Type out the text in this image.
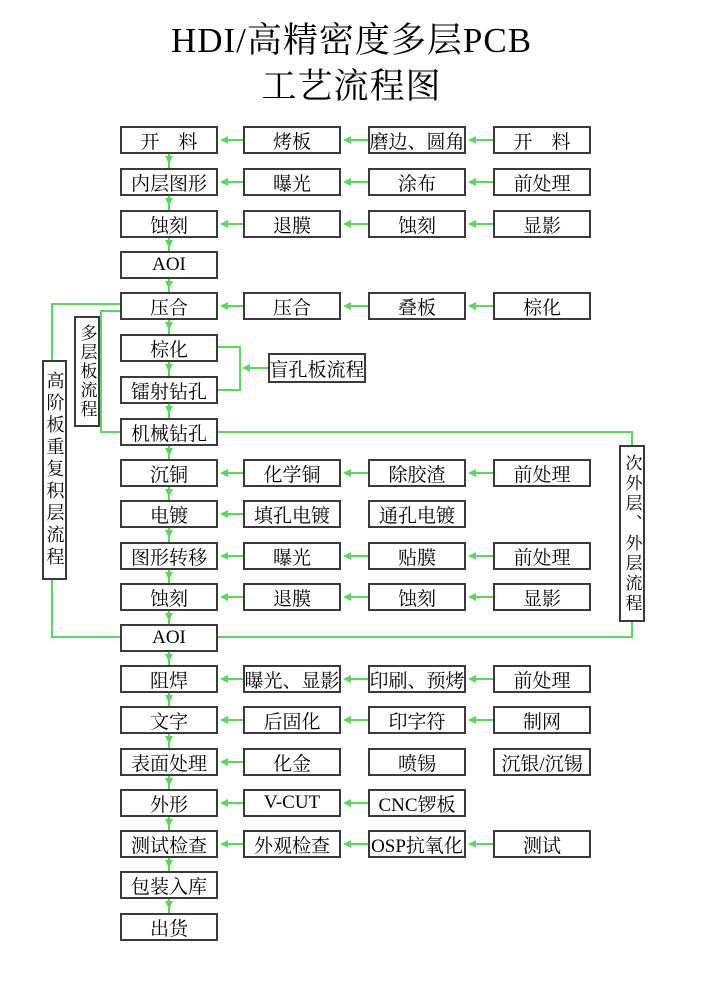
HDI/高精密度多层PCB
工艺流程图
开　料
内层图形
蚀刻
AOI
压合
棕化
镭射钻孔
机械钻孔
沉铜
电镀
图形转移
蚀刻
AOI
阻焊
文字
表面处理
外形
测试检查
包装入库
出货
烤板
曝光
退膜
压合
化学铜
填孔电镀
曝光
退膜
曝光、显影
后固化
化金
V-CUT
外观检查
磨边、圆角
涂布
蚀刻
叠板
除胶渣
通孔电镀
贴膜
蚀刻
印刷、预烤
印字符
喷锡
CNC锣板
OSP抗氧化
开　料
前处理
显影
棕化
前处理
前处理
显影
前处理
制网
沉银/沉锡
测试
盲孔板流程
多层板流程
高阶板重复积层流程	次外层、外层流程
